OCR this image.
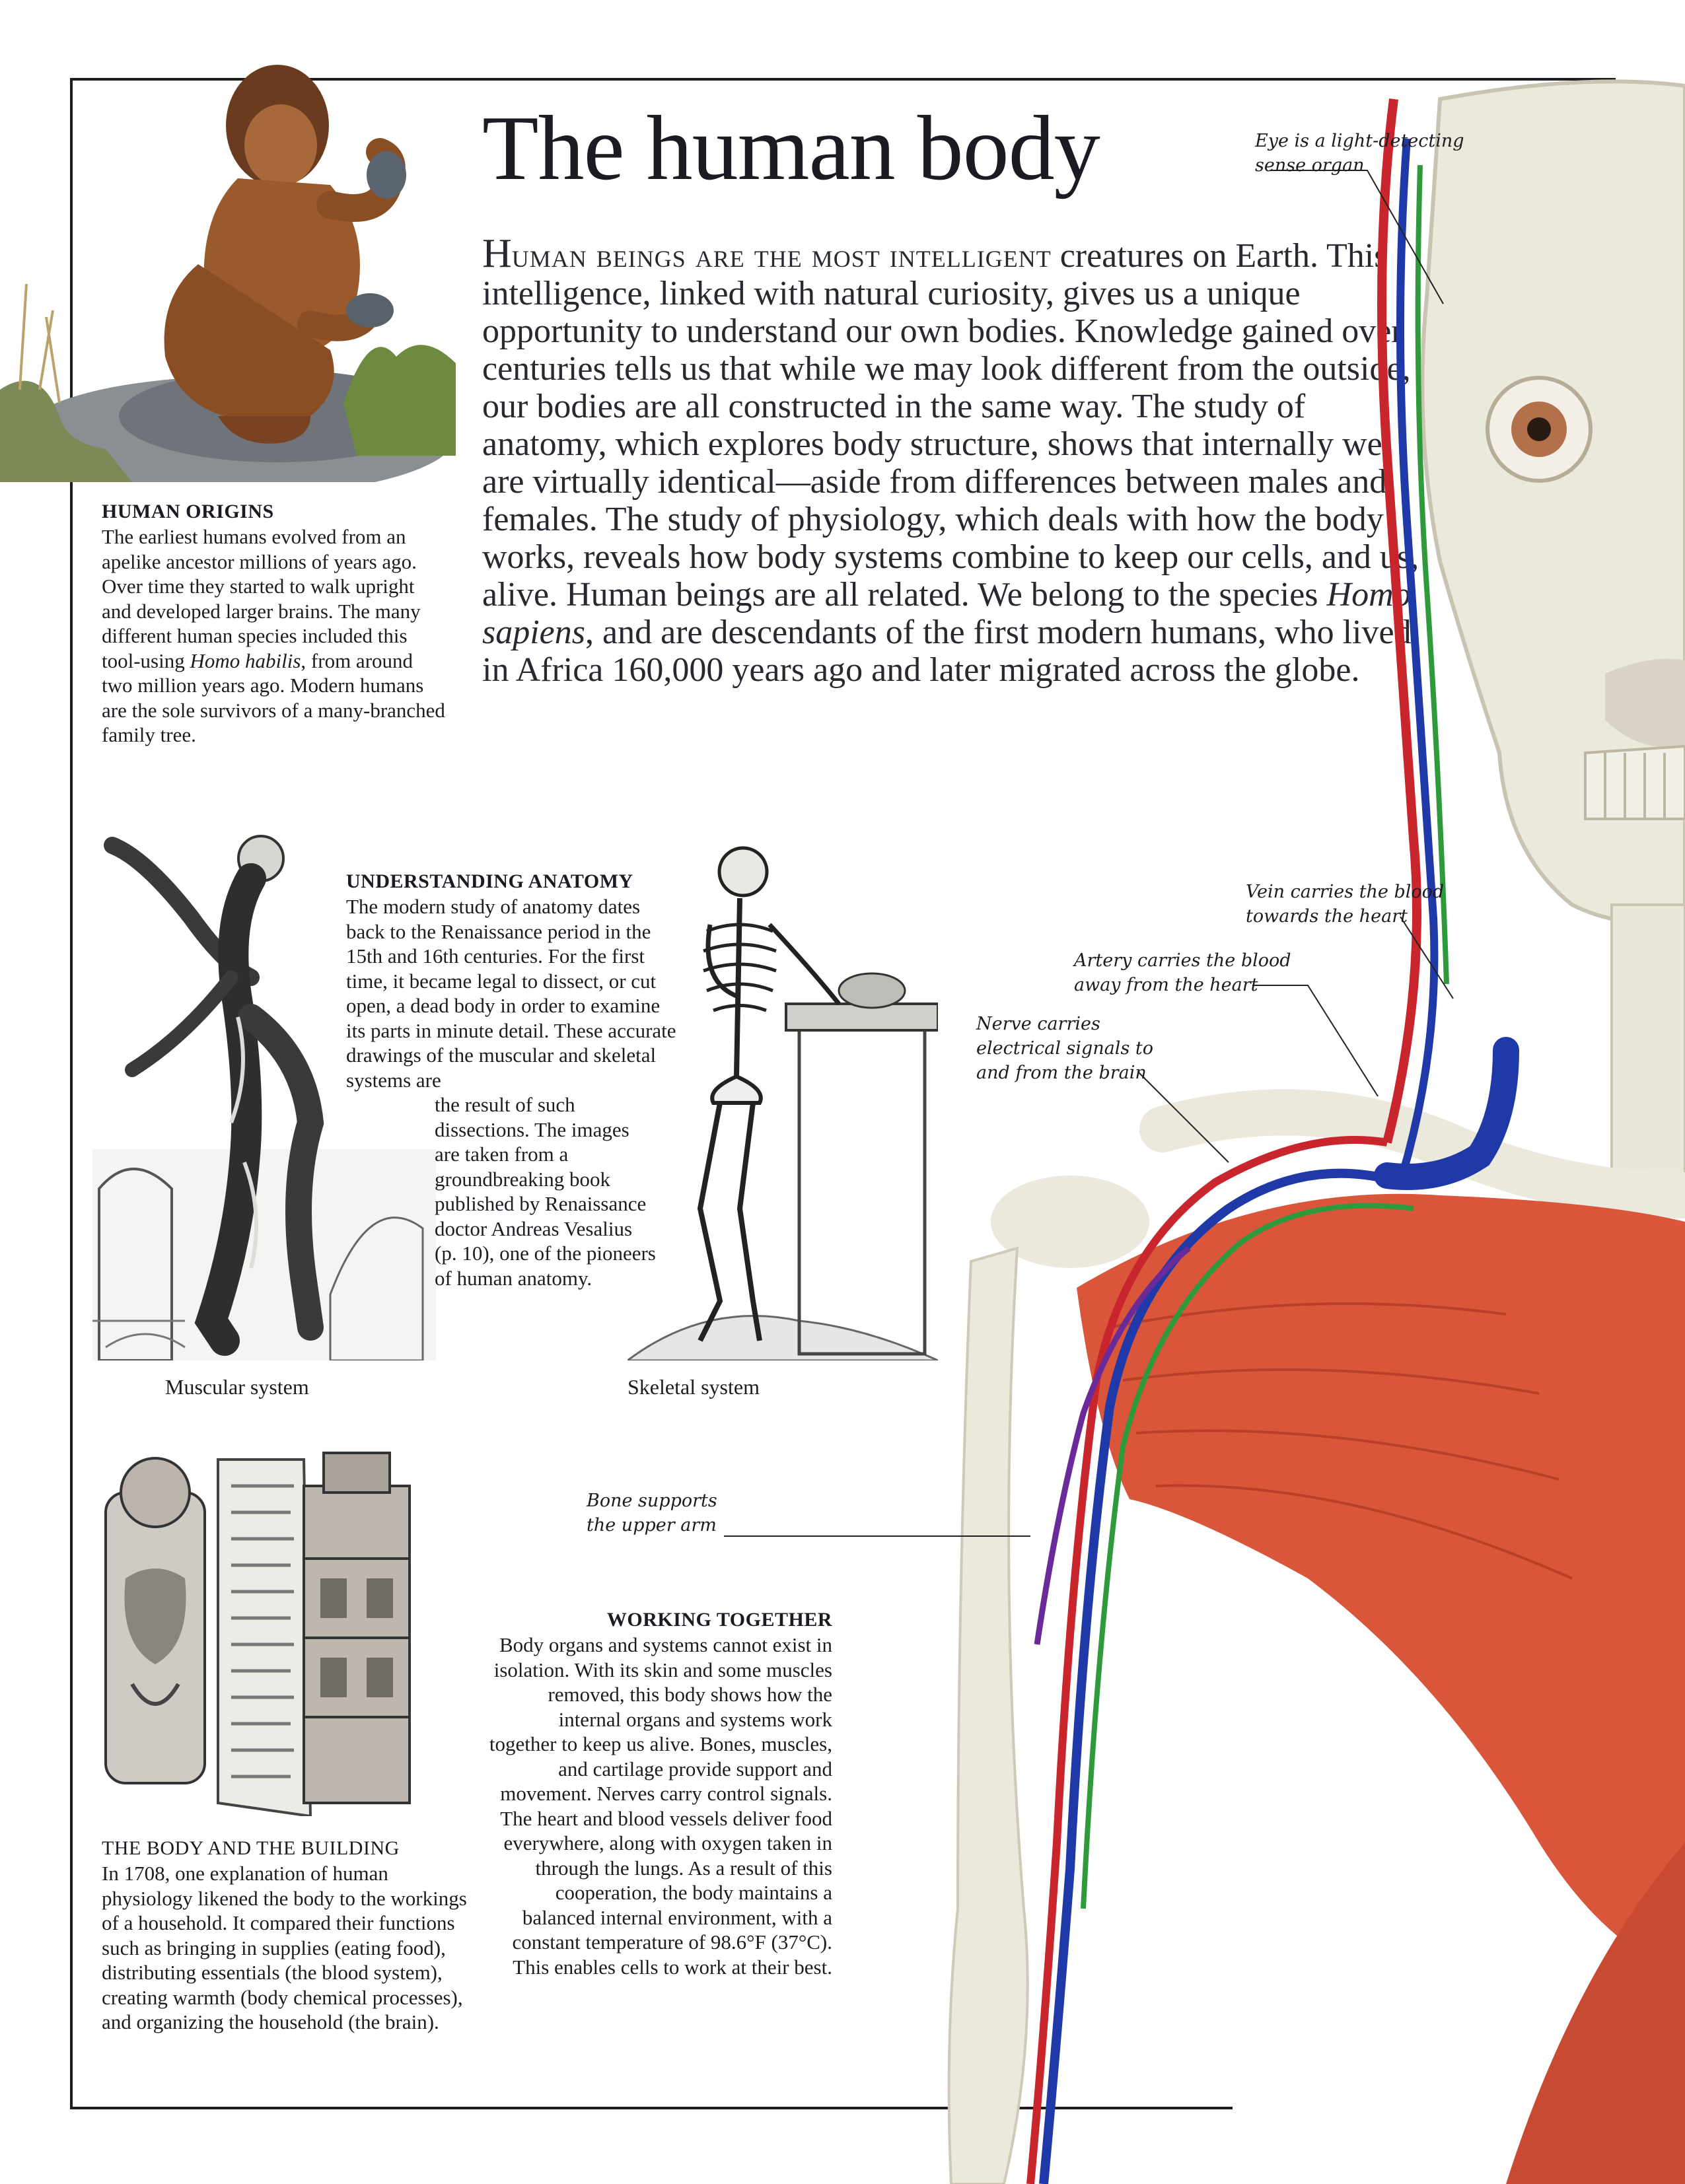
The human body
Human beings are the most intelligent creatures on Earth. This intelligence, linked with natural curiosity, gives us a unique opportunity to understand our own bodies. Knowledge gained over centuries tells us that while we may look different from the outside, our bodies are all constructed in the same way. The study of anatomy, which explores body structure, shows that internally we are virtually identical—aside from differences between males and females. The study of physiology, which deals with how the body works, reveals how body systems combine to keep our cells, and us, alive. Human beings are all related. We belong to the species Homo sapiens, and are descendants of the first modern humans, who lived in Africa 160,000 years ago and later migrated across the globe.
HUMAN ORIGINS
The earliest humans evolved from an apelike ancestor millions of years ago. Over time they started to walk upright and developed larger brains. The many different human species included this tool-using Homo habilis, from around two million years ago. Modern humans are the sole survivors of a many-branched family tree.
Muscular system
UNDERSTANDING ANATOMY
The modern study of anatomy dates back to the Renaissance period in the 15th and 16th centuries. For the first time, it became legal to dissect, or cut open, a dead body in order to examine its parts in minute detail. These accurate drawings of the muscular and skeletal systems are
the result of such dissections. The images are taken from a groundbreaking book published by Renaissance doctor Andreas Vesalius (p. 10), one of the pioneers of human anatomy.
Skeletal system
THE BODY AND THE BUILDING
In 1708, one explanation of human physiology likened the body to the workings of a household. It compared their functions such as bringing in supplies (eating food), distributing essentials (the blood system), creating warmth (body chemical processes), and organizing the household (the brain).
WORKING TOGETHER
Body organs and systems cannot exist in isolation. With its skin and some muscles removed, this body shows how the internal organs and systems work together to keep us alive. Bones, muscles, and cartilage provide support and movement. Nerves carry control signals. The heart and blood vessels deliver food everywhere, along with oxygen taken in through the lungs. As a result of this cooperation, the body maintains a balanced internal environment, with a constant temperature of 98.6°F (37°C). This enables cells to work at their best.
Eye is a light-detecting
sense organ
Vein carries the blood
towards the heart
Artery carries the blood
away from the heart
Nerve carries
electrical signals to
and from the brain
Bone supports
the upper arm
